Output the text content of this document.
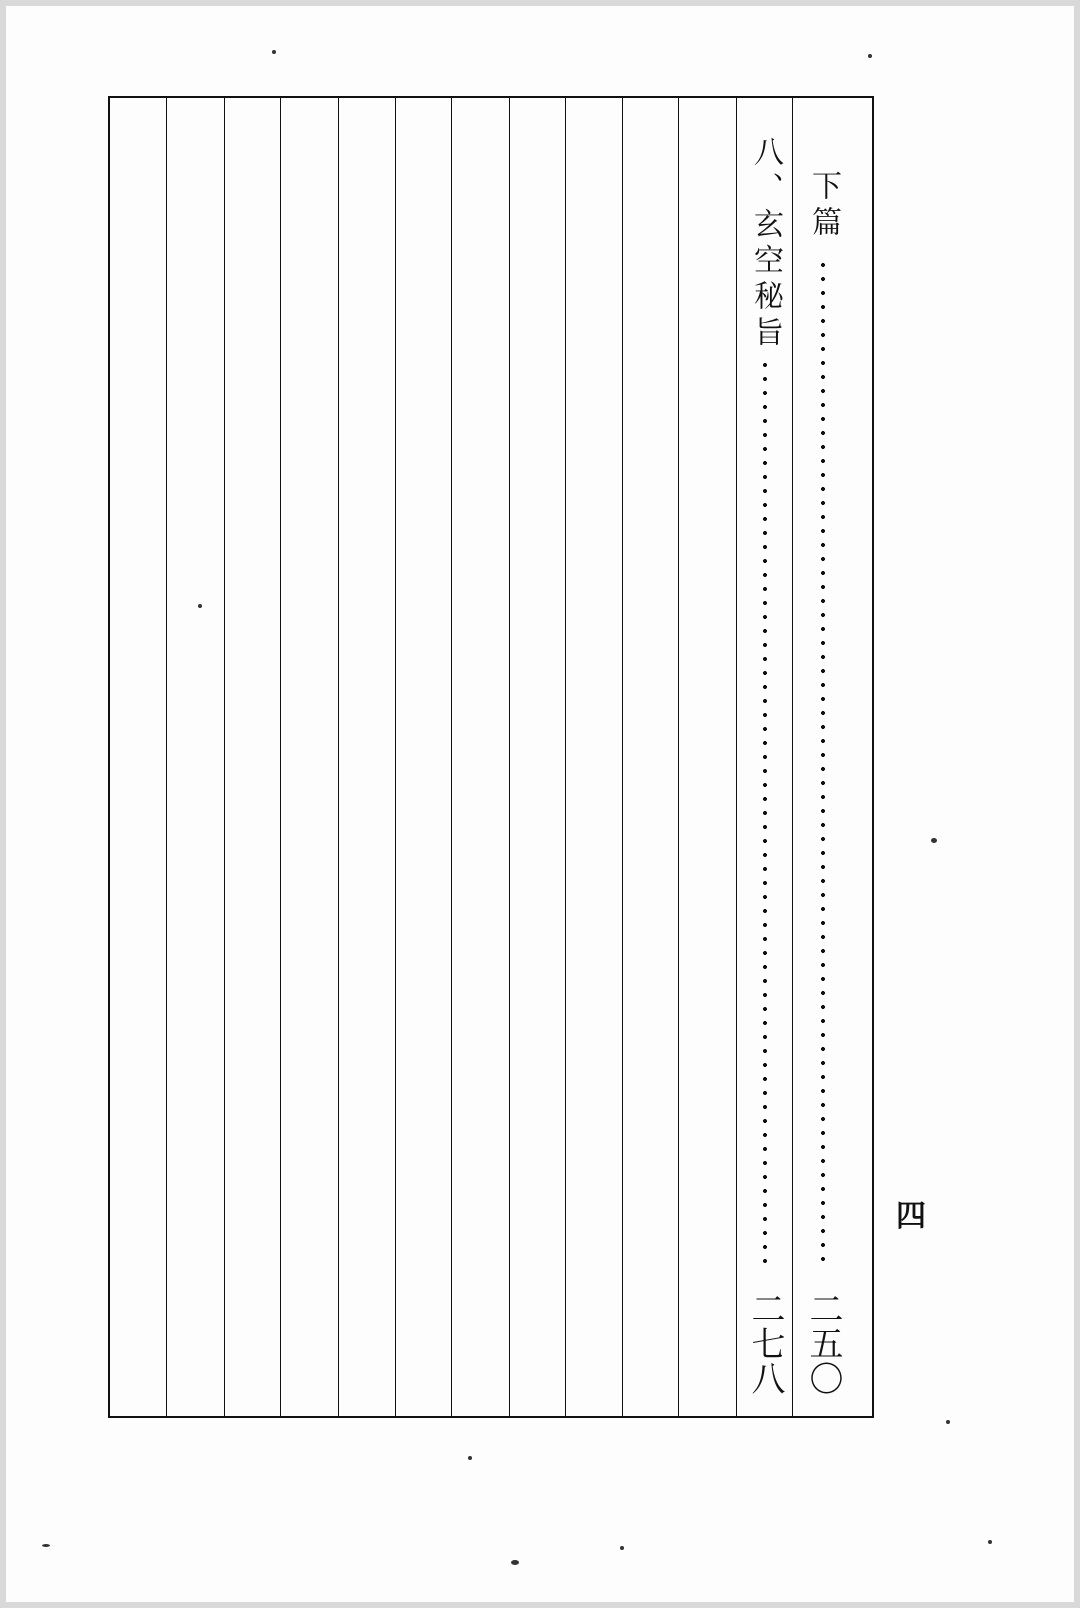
下篇
二五〇
八、玄空秘旨
二七八
四
